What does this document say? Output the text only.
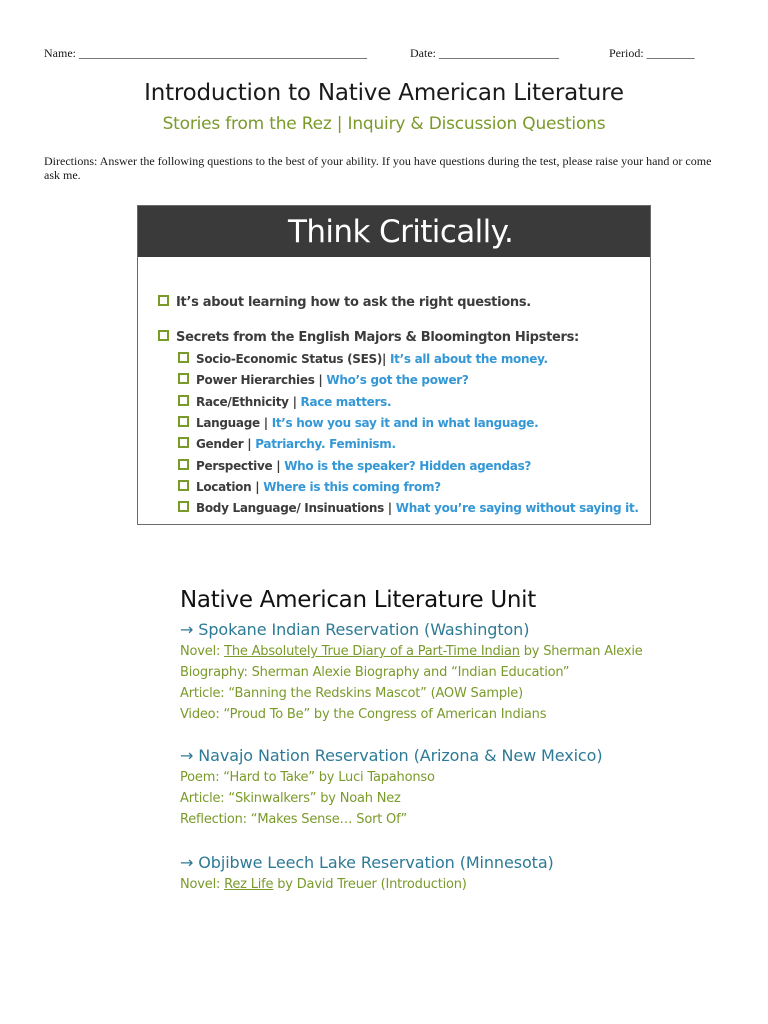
Name: ________________________________________________	Date: ____________________	Period: ________
Introduction to Native American Literature
Stories from the Rez | Inquiry & Discussion Questions
Directions: Answer the following questions to the best of your ability. If you have questions during the test, please raise your hand or come ask me.
Think Critically.
It’s about learning how to ask the right questions.
Secrets from the English Majors & Bloomington Hipsters:
Socio-Economic Status (SES)| It’s all about the money.
Power Hierarchies | Who’s got the power?
Race/Ethnicity | Race matters.
Language | It’s how you say it and in what language.
Gender | Patriarchy. Feminism.
Perspective | Who is the speaker? Hidden agendas?
Location | Where is this coming from?
Body Language/ Insinuations | What you’re saying without saying it.
Native American Literature Unit
→ Spokane Indian Reservation (Washington)
Novel: The Absolutely True Diary of a Part-Time Indian by Sherman Alexie
Biography: Sherman Alexie Biography and “Indian Education”
Article: “Banning the Redskins Mascot” (AOW Sample)
Video: “Proud To Be” by the Congress of American Indians
→ Navajo Nation Reservation (Arizona & New Mexico)
Poem: “Hard to Take” by Luci Tapahonso
Article: “Skinwalkers” by Noah Nez
Reflection: “Makes Sense… Sort Of”
→ Objibwe Leech Lake Reservation (Minnesota)
Novel: Rez Life by David Treuer (Introduction)
